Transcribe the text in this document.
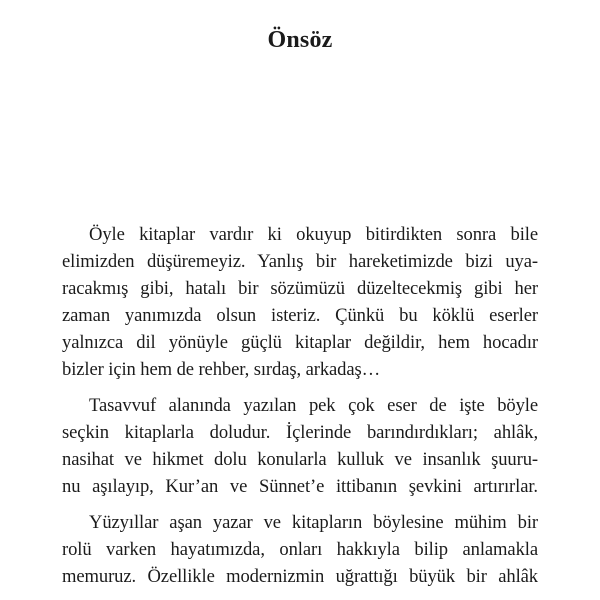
Önsöz

Öyle kitaplar vardır ki okuyup bitirdikten sonra bile
elimizden düşüremeyiz. Yanlış bir hareketimizde bizi uya-
racakmış gibi, hatalı bir sözümüzü düzeltecekmiş gibi her
zaman yanımızda olsun isteriz. Çünkü bu köklü eserler
yalnızca dil yönüyle güçlü kitaplar değildir, hem hocadır
bizler için hem de rehber, sırdaş, arkadaş…

Tasavvuf alanında yazılan pek çok eser de işte böyle
seçkin kitaplarla doludur. İçlerinde barındırdıkları; ahlâk,
nasihat ve hikmet dolu konularla kulluk ve insanlık şuuru-
nu aşılayıp, Kur’an ve Sünnet’e ittibanın şevkini artırırlar.

Yüzyıllar aşan yazar ve kitapların böylesine mühim bir
rolü varken hayatımızda, onları hakkıyla bilip anlamakla
memuruz. Özellikle modernizmin uğrattığı büyük bir ahlâk
